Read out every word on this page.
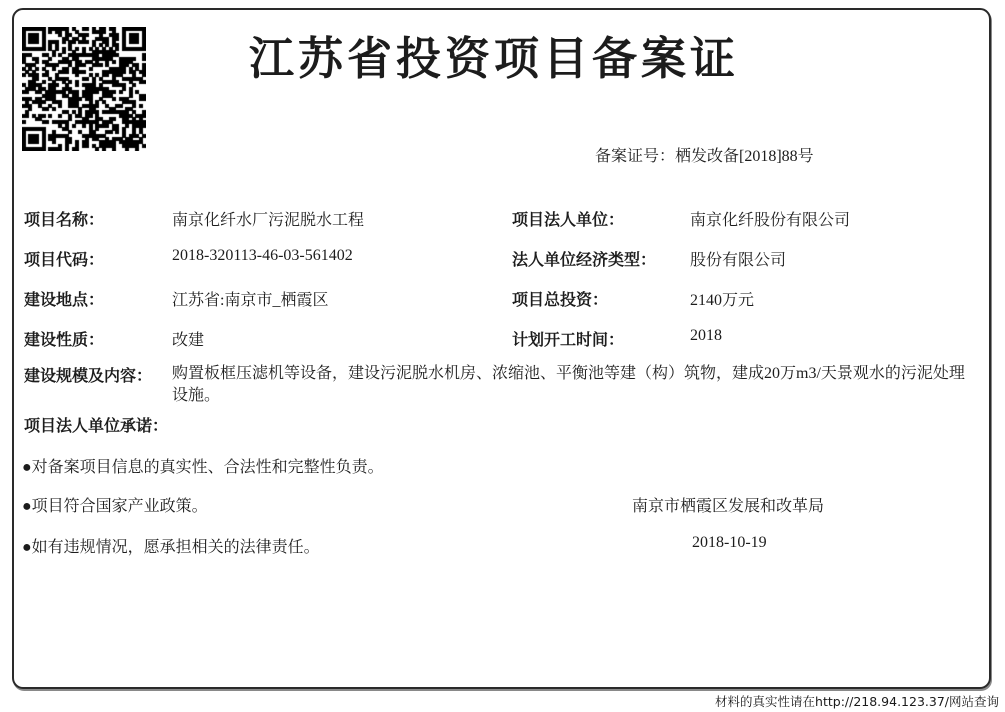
江苏省投资项目备案证
备案证号：栖发改备[2018]88号
项目名称：	南京化纤水厂污泥脱水工程	项目法人单位：	南京化纤股份有限公司
项目代码：	2018-320113-46-03-561402	法人单位经济类型： 股份有限公司
建设地点：	江苏省:南京市_栖霞区	项目总投资：	2140万元
建设性质：	改建	计划开工时间：	2018
建设规模及内容： 购置板框压滤机等设备，建设污泥脱水机房、浓缩池、平衡池等建（构）筑物，建成20万m3/天景观水的污泥处理设施。
项目法人单位承诺：
●对备案项目信息的真实性、合法性和完整性负责。
●项目符合国家产业政策。	南京市栖霞区发展和改革局
●如有违规情况，愿承担相关的法律责任。	2018-10-19
材料的真实性请在http://218.94.123.37/网站查询
